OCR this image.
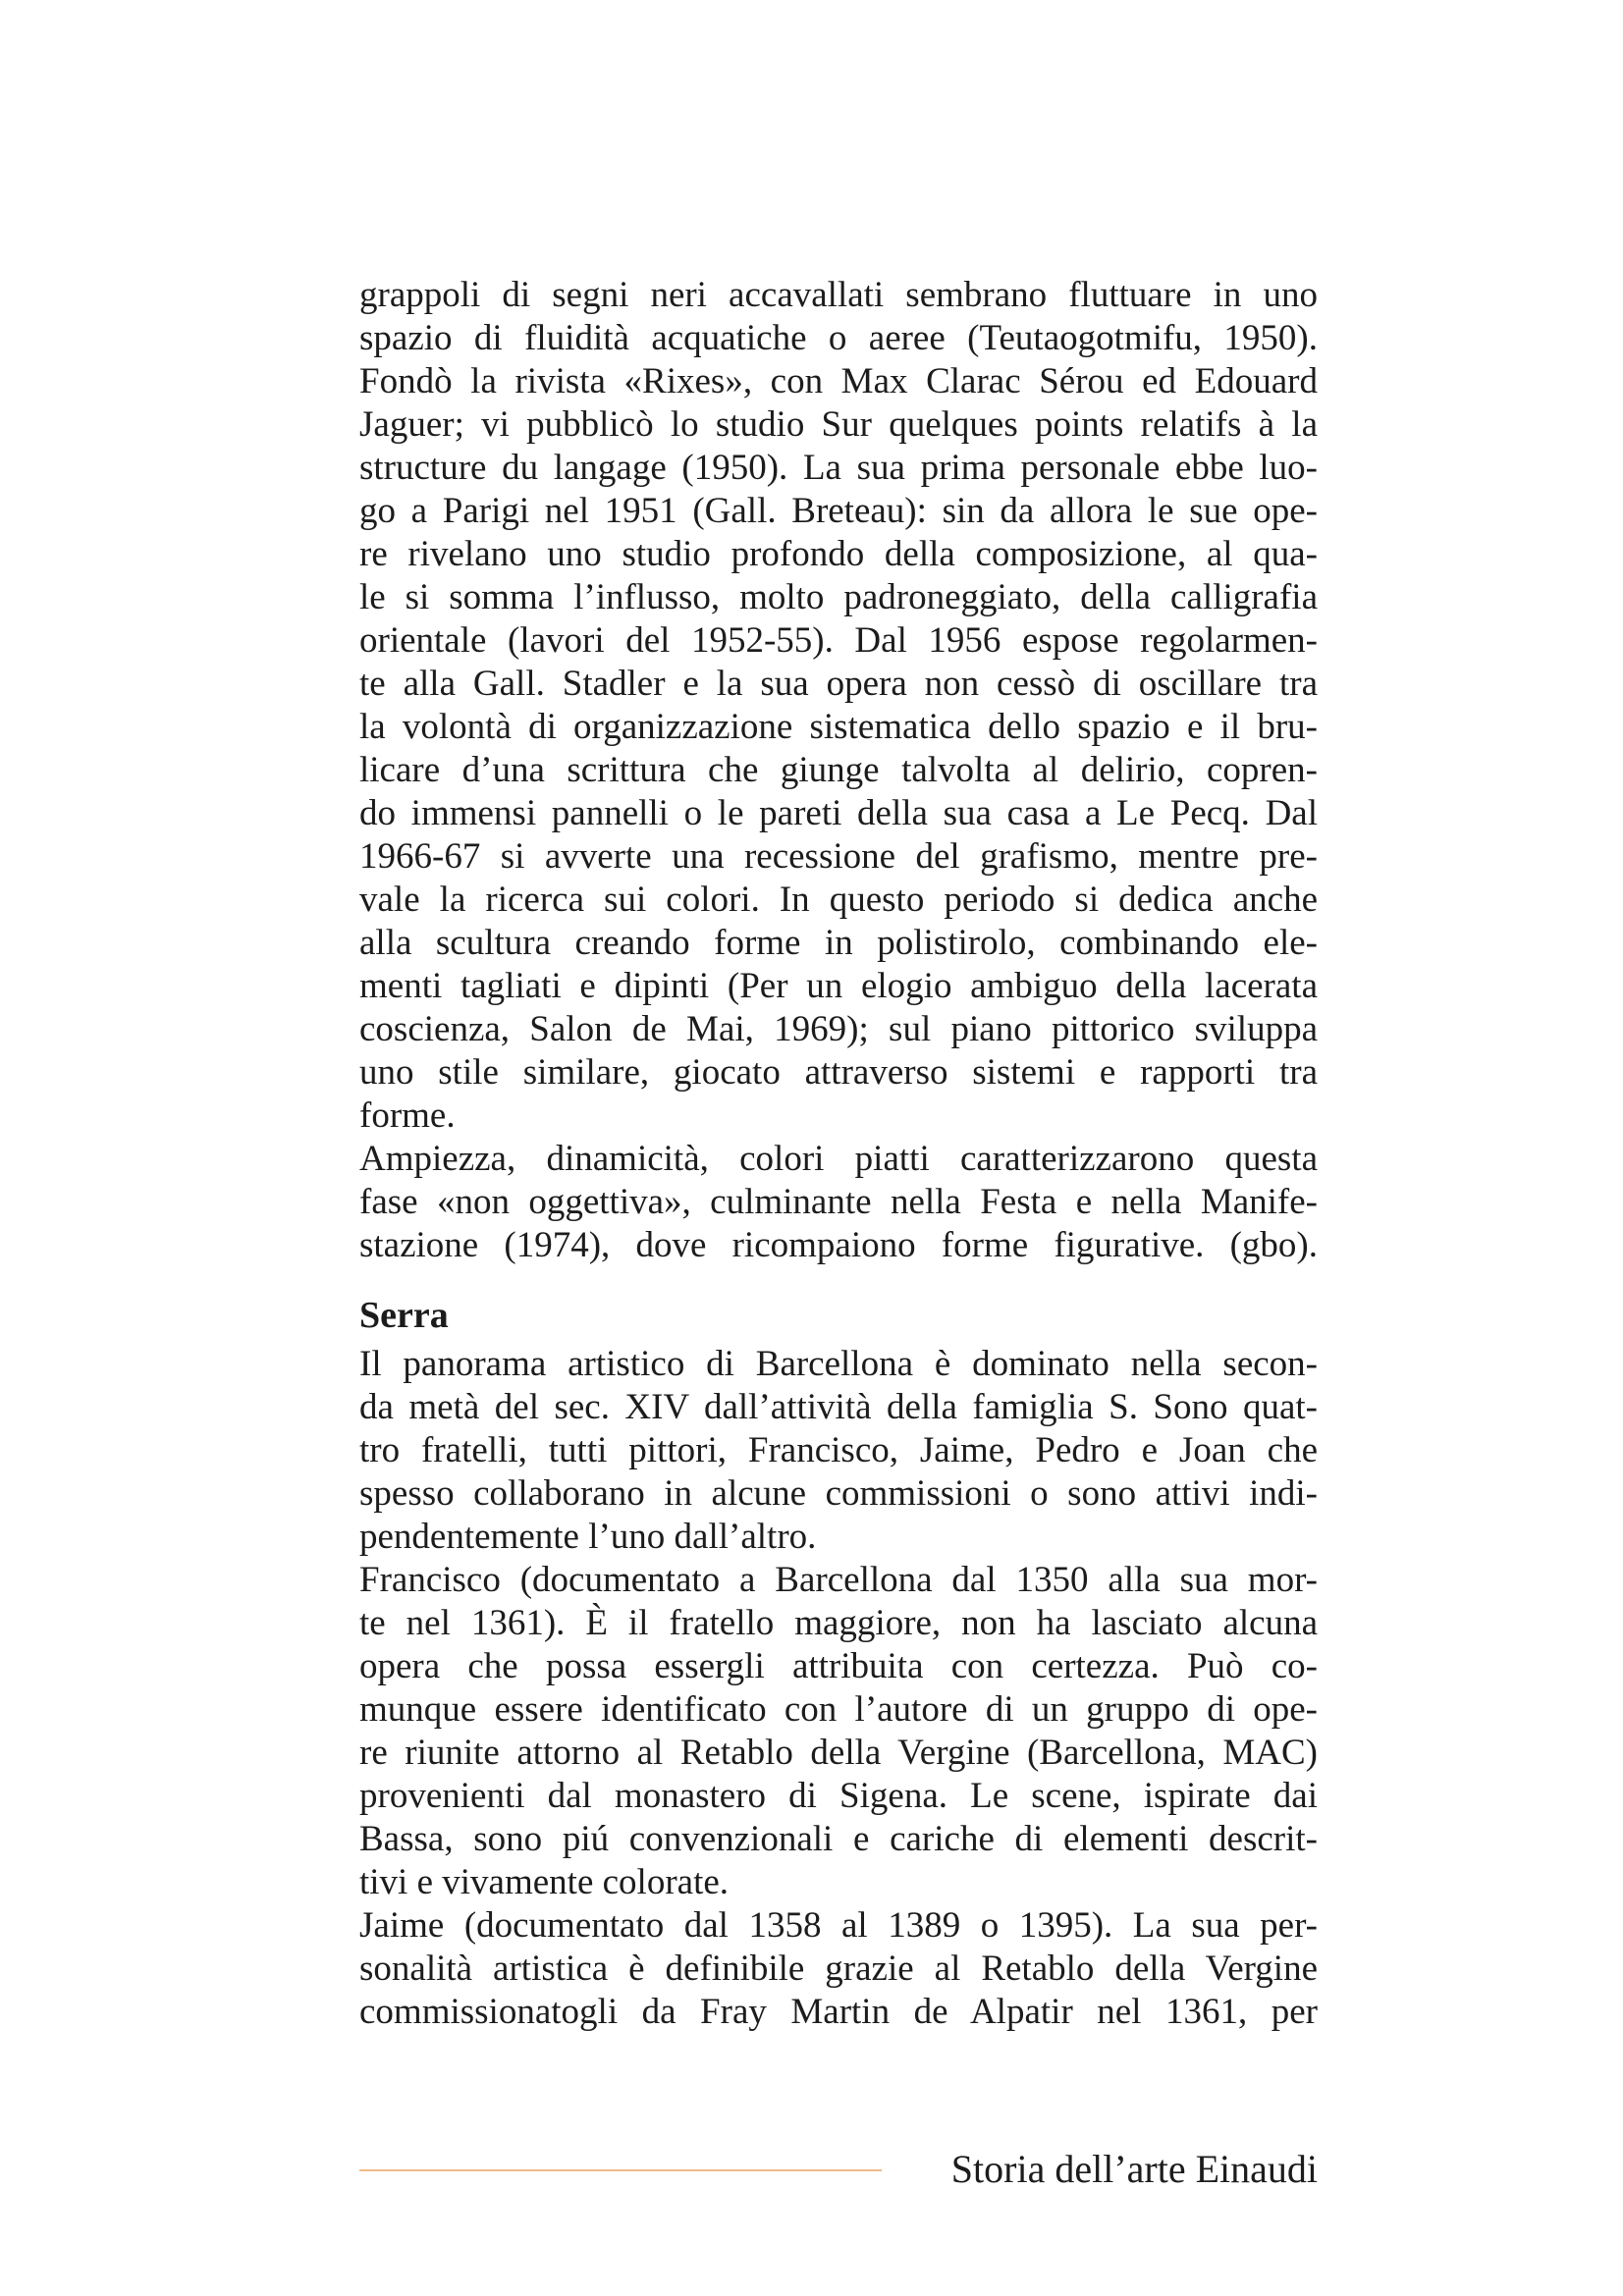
grappoli di segni neri accavallati sembrano fluttuare in uno
spazio di fluidità acquatiche o aeree (Teutaogotmifu, 1950).
Fondò la rivista «Rixes», con Max Clarac Sérou ed Edouard
Jaguer; vi pubblicò lo studio Sur quelques points relatifs à la
structure du langage (1950). La sua prima personale ebbe luo-
go a Parigi nel 1951 (Gall. Breteau): sin da allora le sue ope-
re rivelano uno studio profondo della composizione, al qua-
le si somma l’influsso, molto padroneggiato, della calligrafia
orientale (lavori del 1952-55). Dal 1956 espose regolarmen-
te alla Gall. Stadler e la sua opera non cessò di oscillare tra
la volontà di organizzazione sistematica dello spazio e il bru-
licare d’una scrittura che giunge talvolta al delirio, copren-
do immensi pannelli o le pareti della sua casa a Le Pecq. Dal
1966-67 si avverte una recessione del grafismo, mentre pre-
vale la ricerca sui colori. In questo periodo si dedica anche
alla scultura creando forme in polistirolo, combinando ele-
menti tagliati e dipinti (Per un elogio ambiguo della lacerata
coscienza, Salon de Mai, 1969); sul piano pittorico sviluppa
uno stile similare, giocato attraverso sistemi e rapporti tra
forme.
Ampiezza, dinamicità, colori piatti caratterizzarono questa
fase «non oggettiva», culminante nella Festa e nella Manife-
stazione (1974), dove ricompaiono forme figurative. (gbo).
Serra
Il panorama artistico di Barcellona è dominato nella secon-
da metà del sec. XIV dall’attività della famiglia S. Sono quat-
tro fratelli, tutti pittori, Francisco, Jaime, Pedro e Joan che
spesso collaborano in alcune commissioni o sono attivi indi-
pendentemente l’uno dall’altro.
Francisco (documentato a Barcellona dal 1350 alla sua mor-
te nel 1361). È il fratello maggiore, non ha lasciato alcuna
opera che possa essergli attribuita con certezza. Può co-
munque essere identificato con l’autore di un gruppo di ope-
re riunite attorno al Retablo della Vergine (Barcellona, MAC)
provenienti dal monastero di Sigena. Le scene, ispirate dai
Bassa, sono piú convenzionali e cariche di elementi descrit-
tivi e vivamente colorate.
Jaime (documentato dal 1358 al 1389 o 1395). La sua per-
sonalità artistica è definibile grazie al Retablo della Vergine
commissionatogli da Fray Martin de Alpatir nel 1361, per
Storia dell’arte Einaudi
